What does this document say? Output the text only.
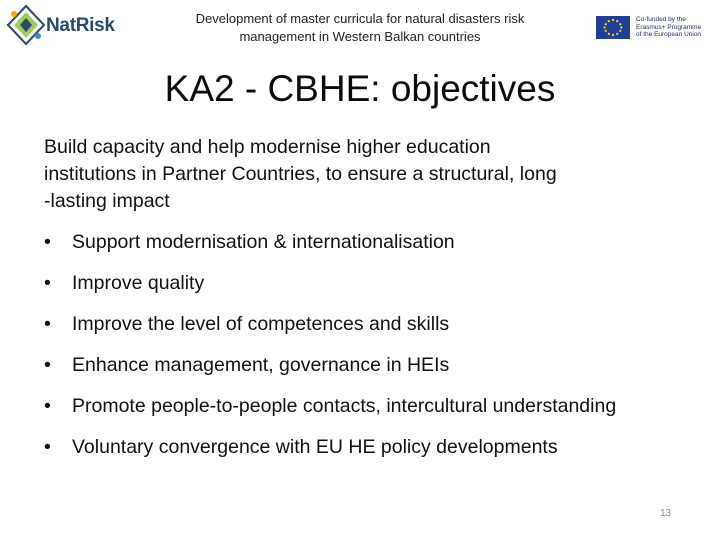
NatRisk	Development of master curricula for natural disasters risk
management in Western Balkan countries
Co-funded by the
Erasmus+ Programme
of the European Union
KA2 - CBHE: objectives
Build capacity and help modernise higher education
institutions in Partner Countries, to ensure a structural, long
-lasting impact
• Support modernisation & internationalisation
• Improve quality
• Improve the level of competences and skills
• Enhance management, governance in HEIs
• Promote people-to-people contacts, intercultural understanding
• Voluntary convergence with EU HE policy developments
13
